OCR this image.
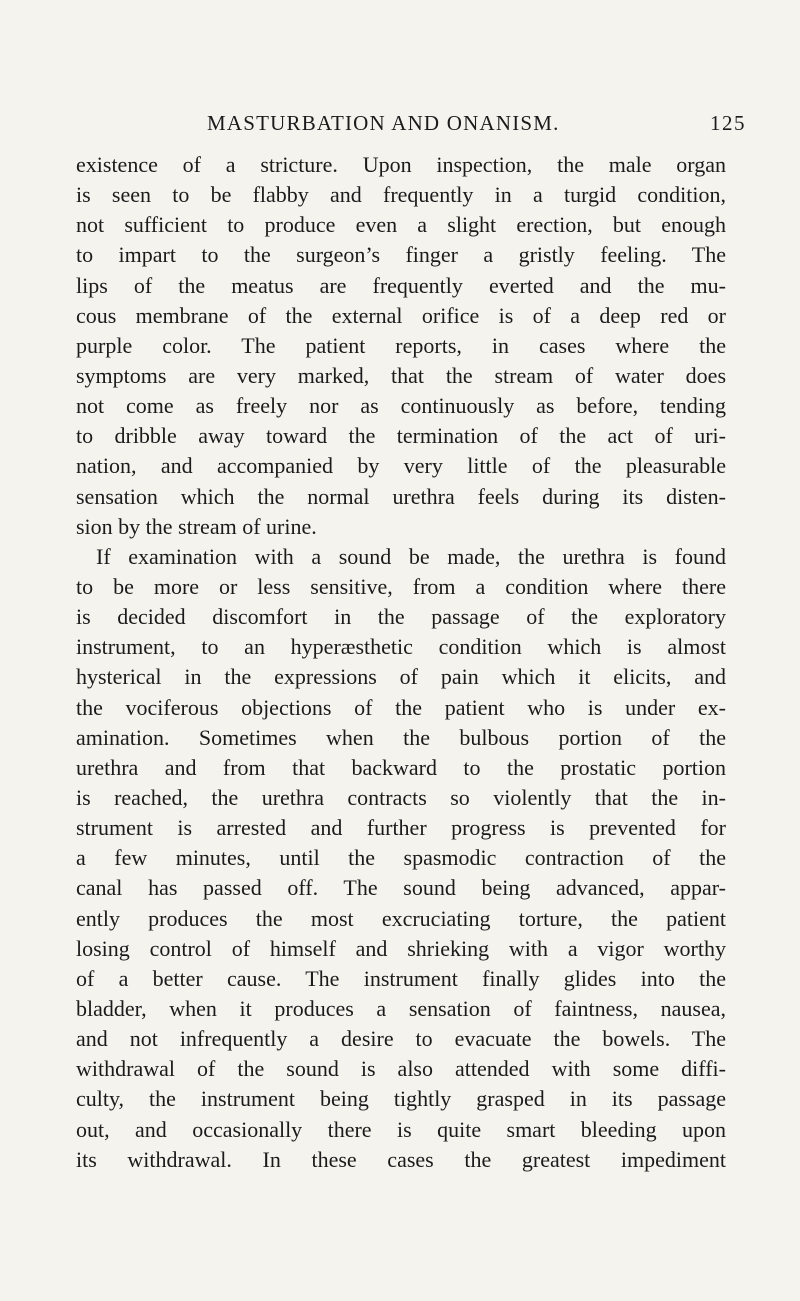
MASTURBATION AND ONANISM.	125
existence of a stricture. Upon inspection, the male organ
is seen to be flabby and frequently in a turgid condition,
not sufficient to produce even a slight erection, but enough
to impart to the surgeon’s finger a gristly feeling. The
lips of the meatus are frequently everted and the mu-
cous membrane of the external orifice is of a deep red or
purple color. The patient reports, in cases where the
symptoms are very marked, that the stream of water does
not come as freely nor as continuously as before, tending
to dribble away toward the termination of the act of uri-
nation, and accompanied by very little of the pleasurable
sensation which the normal urethra feels during its disten-
sion by the stream of urine.
If examination with a sound be made, the urethra is found
to be more or less sensitive, from a condition where there
is decided discomfort in the passage of the exploratory
instrument, to an hyperæsthetic condition which is almost
hysterical in the expressions of pain which it elicits, and
the vociferous objections of the patient who is under ex-
amination. Sometimes when the bulbous portion of the
urethra and from that backward to the prostatic portion
is reached, the urethra contracts so violently that the in-
strument is arrested and further progress is prevented for
a few minutes, until the spasmodic contraction of the
canal has passed off. The sound being advanced, appar-
ently produces the most excruciating torture, the patient
losing control of himself and shrieking with a vigor worthy
of a better cause. The instrument finally glides into the
bladder, when it produces a sensation of faintness, nausea,
and not infrequently a desire to evacuate the bowels. The
withdrawal of the sound is also attended with some diffi-
culty, the instrument being tightly grasped in its passage
out, and occasionally there is quite smart bleeding upon
its withdrawal. In these cases the greatest impediment
